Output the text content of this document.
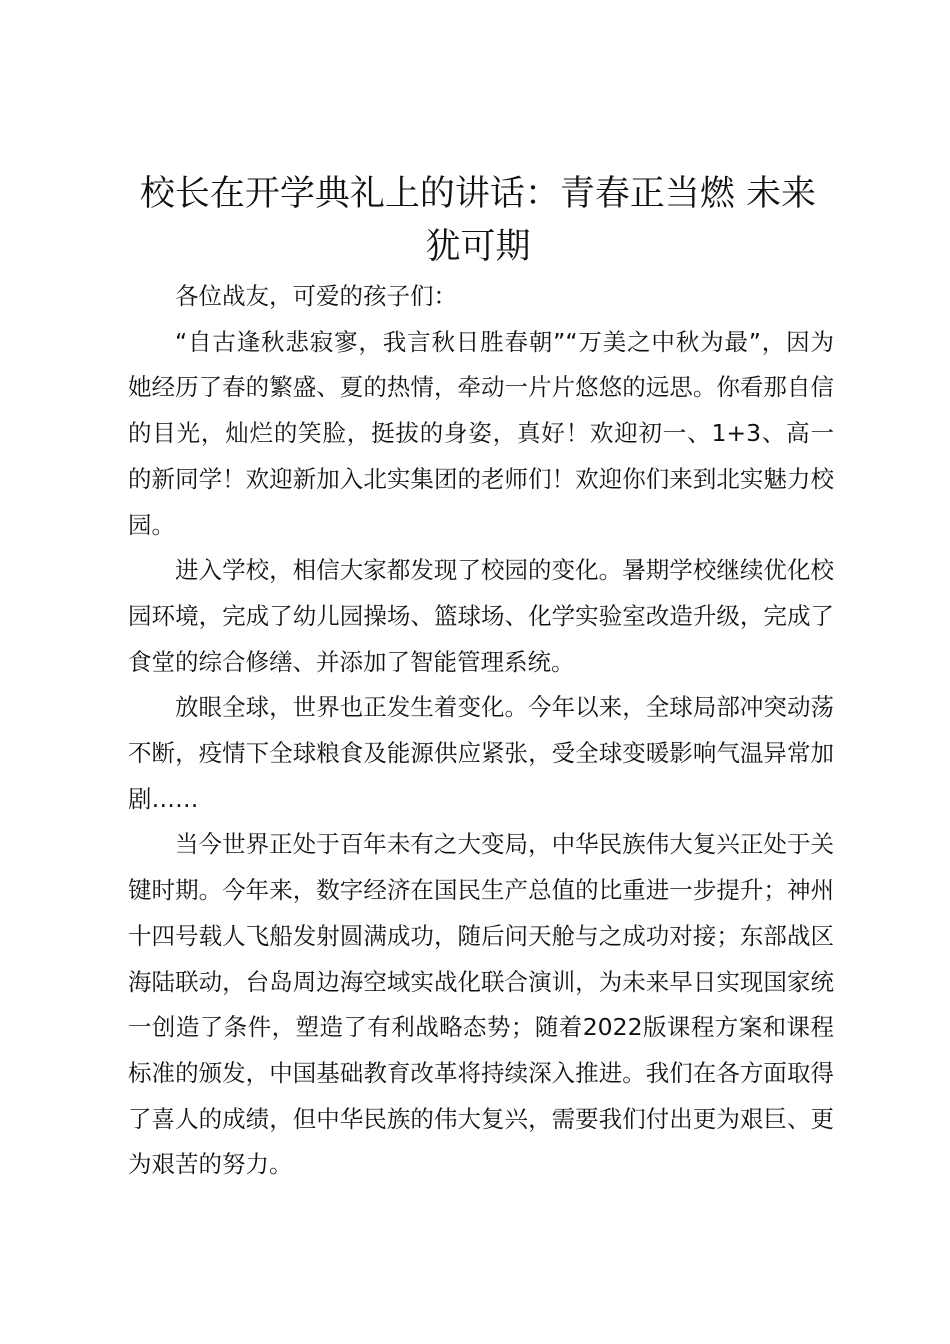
校长在开学典礼上的讲话：青春正当燃 未来犹可期

各位战友，可爱的孩子们：

“自古逢秋悲寂寥，我言秋日胜春朝”“万美之中秋为最”，因为她经历了春的繁盛、夏的热情，牵动一片片悠悠的远思。你看那自信的目光，灿烂的笑脸，挺拔的身姿，真好！欢迎初一、1+3、高一的新同学！欢迎新加入北实集团的老师们！欢迎你们来到北实魅力校园。

进入学校，相信大家都发现了校园的变化。暑期学校继续优化校园环境，完成了幼儿园操场、篮球场、化学实验室改造升级，完成了食堂的综合修缮、并添加了智能管理系统。

放眼全球，世界也正发生着变化。今年以来，全球局部冲突动荡不断，疫情下全球粮食及能源供应紧张，受全球变暖影响气温异常加剧……

当今世界正处于百年未有之大变局，中华民族伟大复兴正处于关键时期。今年来，数字经济在国民生产总值的比重进一步提升；神州十四号载人飞船发射圆满成功，随后问天舱与之成功对接；东部战区海陆联动，台岛周边海空域实战化联合演训，为未来早日实现国家统一创造了条件，塑造了有利战略态势；随着2022版课程方案和课程标准的颁发，中国基础教育改革将持续深入推进。我们在各方面取得了喜人的成绩，但中华民族的伟大复兴，需要我们付出更为艰巨、更为艰苦的努力。
